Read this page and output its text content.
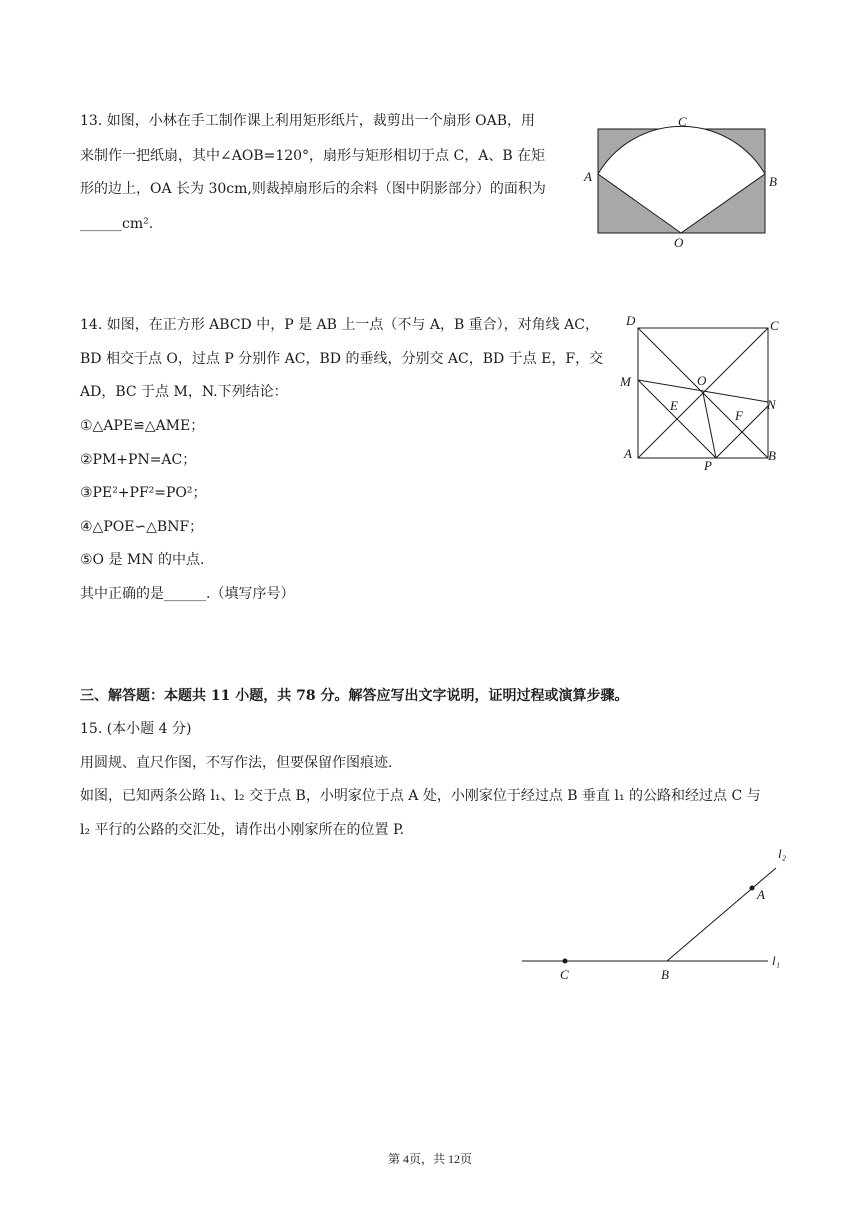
13. 如图，小林在手工制作课上利用矩形纸片，裁剪出一个扇形 OAB，用
来制作一把纸扇，其中∠AOB=120°，扇形与矩形相切于点 C，A、B 在矩
形的边上，OA 长为 30cm,则裁掉扇形后的余料（图中阴影部分）的面积为
______cm².
C
A	B
O
14. 如图，在正方形 ABCD 中，P 是 AB 上一点（不与 A，B 重合），对角线 AC，
BD 相交于点 O，过点 P 分别作 AC，BD 的垂线，分别交 AC，BD 于点 E，F，交
AD，BC 于点 M，N.下列结论：
①△APE≌△AME；
②PM+PN=AC；
③PE²+PF²=PO²；
④△POE∽△BNF；
⑤O 是 MN 的中点.
其中正确的是______.（填写序号）
D	C
M	O
N
E
F
A
P
B
三、解答题：本题共 11 小题，共 78 分。解答应写出文字说明，证明过程或演算步骤。
15. (本小题 4 分)
用圆规、直尺作图，不写作法，但要保留作图痕迹.
如图，已知两条公路 l₁、l₂ 交于点 B，小明家位于点 A 处，小刚家位于经过点 B 垂直 l₁ 的公路和经过点 C 与
l₂ 平行的公路的交汇处，请作出小刚家所在的位置 P.
l₂
A
l₁
C	B
第 4页，共 12页
